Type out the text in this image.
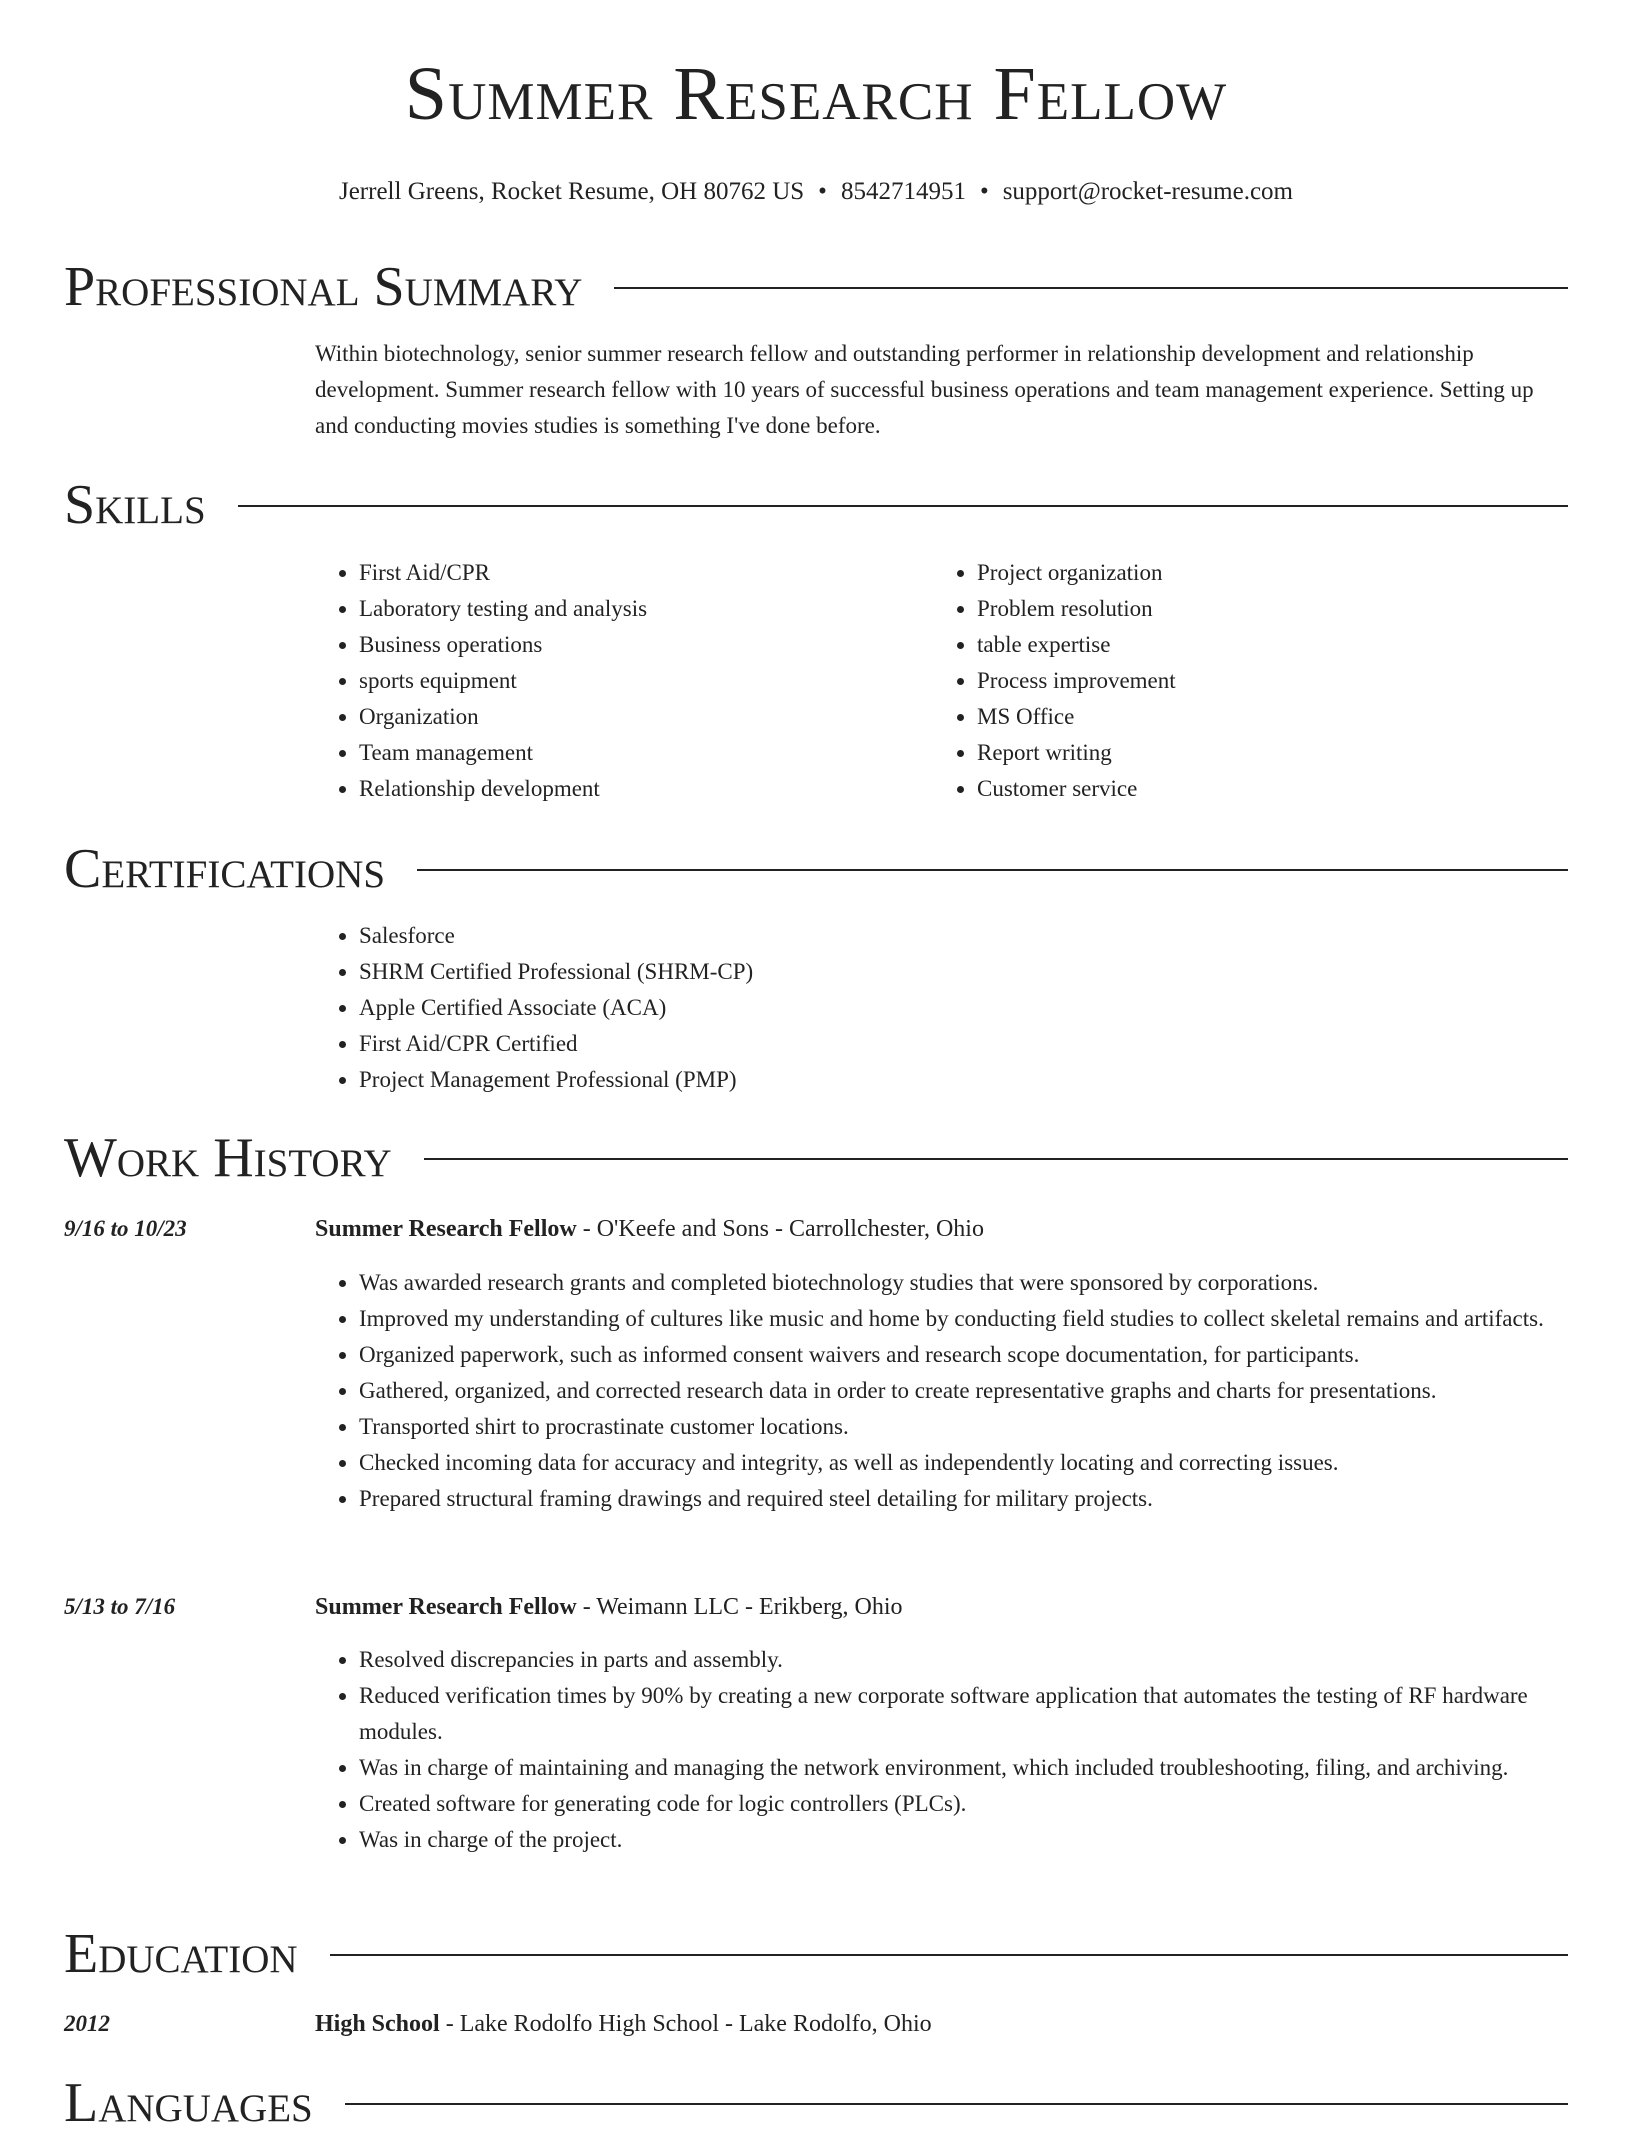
Summer Research Fellow
Jerrell Greens, Rocket Resume, OH 80762 US • 8542714951 • support@rocket-resume.com
Professional Summary
Within biotechnology, senior summer research fellow and outstanding performer in relationship development and relationship development. Summer research fellow with 10 years of successful business operations and team management experience. Setting up and conducting movies studies is something I've done before.
Skills
• First Aid/CPR
• Laboratory testing and analysis
• Business operations
• sports equipment
• Organization
• Team management
• Relationship development
• Project organization
• Problem resolution
• table expertise
• Process improvement
• MS Office
• Report writing
• Customer service
Certifications
• Salesforce
• SHRM Certified Professional (SHRM-CP)
• Apple Certified Associate (ACA)
• First Aid/CPR Certified
• Project Management Professional (PMP)
Work History
9/16 to 10/23	Summer Research Fellow - O'Keefe and Sons - Carrollchester, Ohio
• Was awarded research grants and completed biotechnology studies that were sponsored by corporations.
• Improved my understanding of cultures like music and home by conducting field studies to collect skeletal remains and artifacts.
• Organized paperwork, such as informed consent waivers and research scope documentation, for participants.
• Gathered, organized, and corrected research data in order to create representative graphs and charts for presentations.
• Transported shirt to procrastinate customer locations.
• Checked incoming data for accuracy and integrity, as well as independently locating and correcting issues.
• Prepared structural framing drawings and required steel detailing for military projects.
5/13 to 7/16	Summer Research Fellow - Weimann LLC - Erikberg, Ohio
• Resolved discrepancies in parts and assembly.
• Reduced verification times by 90% by creating a new corporate software application that automates the testing of RF hardware modules.
• Was in charge of maintaining and managing the network environment, which included troubleshooting, filing, and archiving.
• Created software for generating code for logic controllers (PLCs).
• Was in charge of the project.
Education
2012	High School - Lake Rodolfo High School - Lake Rodolfo, Ohio
Languages
